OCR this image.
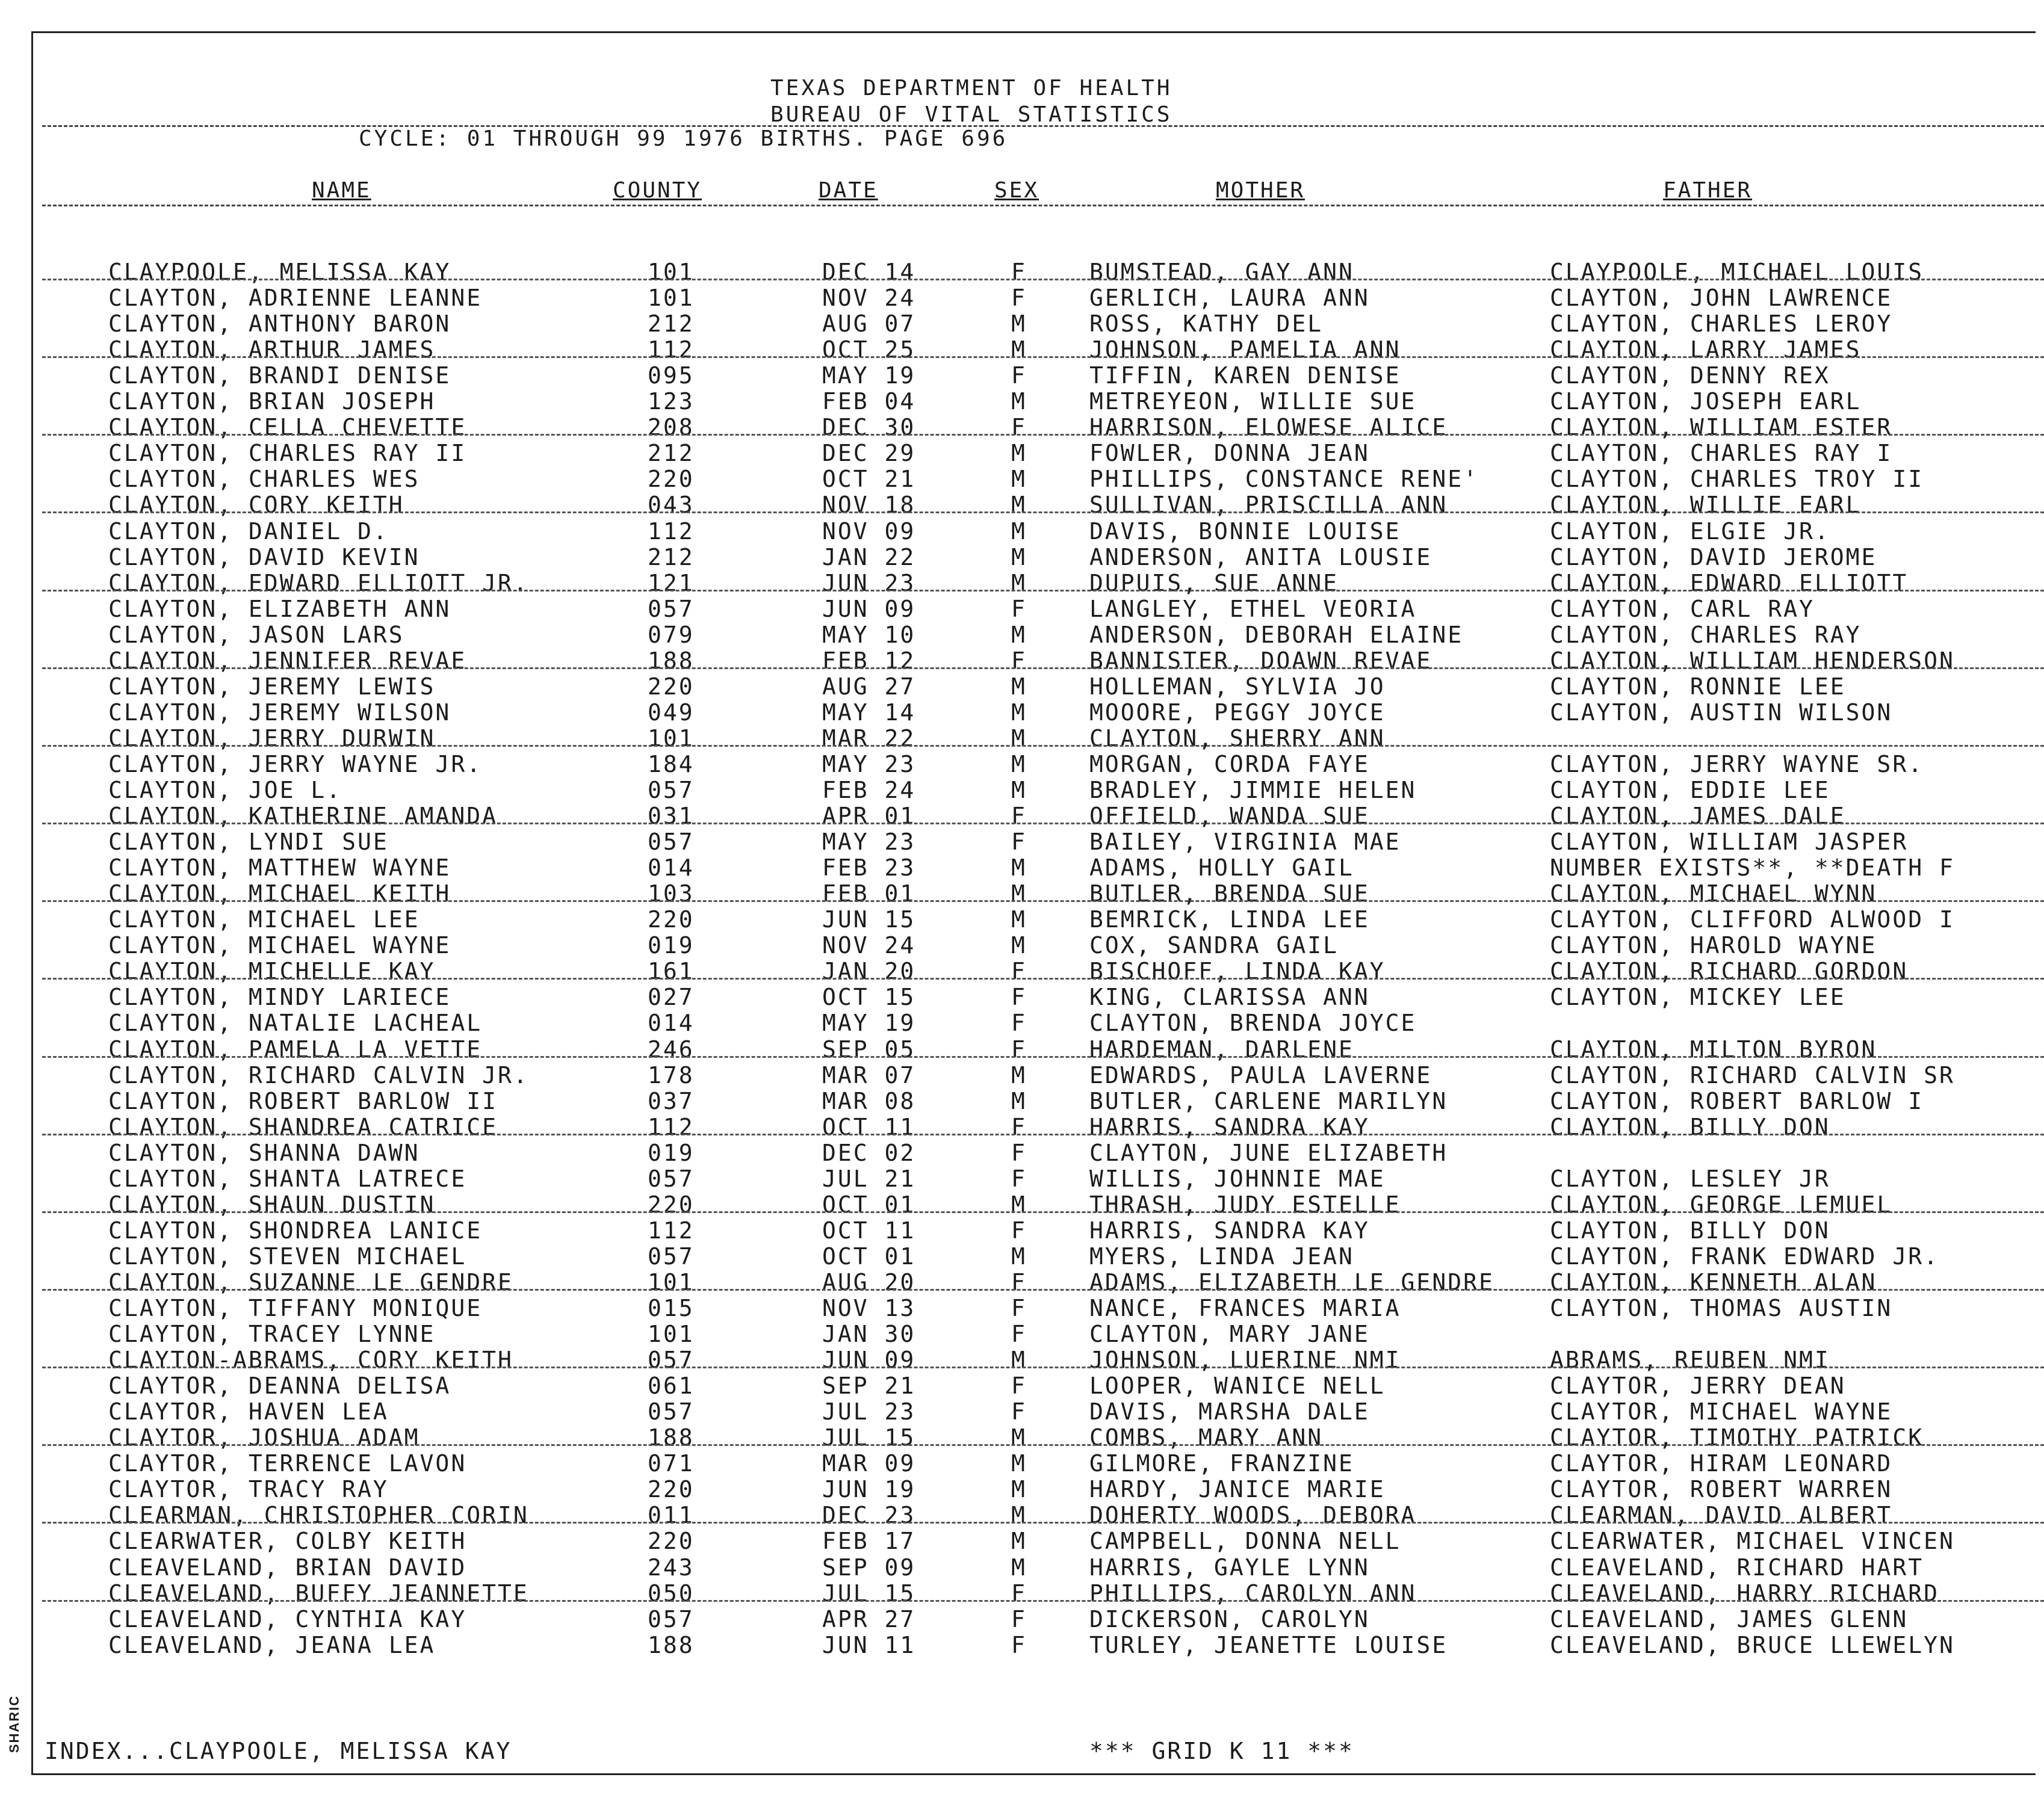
SHARIC
TEXAS DEPARTMENT OF HEALTH
BUREAU OF VITAL STATISTICS
CYCLE: 01 THROUGH 99 1976 BIRTHS. PAGE 696
NAME	COUNTY	DATE	SEX	MOTHER	FATHER
CLAYPOOLE, MELISSA KAY	101	DEC 14	F	BUMSTEAD, GAY ANN	CLAYPOOLE, MICHAEL LOUIS
CLAYTON, ADRIENNE LEANNE	101	NOV 24	F	GERLICH, LAURA ANN	CLAYTON, JOHN LAWRENCE
CLAYTON, ANTHONY BARON	212	AUG 07	M	ROSS, KATHY DEL	CLAYTON, CHARLES LEROY
CLAYTON, ARTHUR JAMES	112	OCT 25	M	JOHNSON, PAMELIA ANN	CLAYTON, LARRY JAMES
CLAYTON, BRANDI DENISE	095	MAY 19	F	TIFFIN, KAREN DENISE	CLAYTON, DENNY REX
CLAYTON, BRIAN JOSEPH	123	FEB 04	M	METREYEON, WILLIE SUE	CLAYTON, JOSEPH EARL
CLAYTON, CELLA CHEVETTE	208	DEC 30	F	HARRISON, ELOWESE ALICE	CLAYTON, WILLIAM ESTER
CLAYTON, CHARLES RAY II	212	DEC 29	M	FOWLER, DONNA JEAN	CLAYTON, CHARLES RAY I
CLAYTON, CHARLES WES	220	OCT 21	M	PHILLIPS, CONSTANCE RENE'	CLAYTON, CHARLES TROY II
CLAYTON, CORY KEITH	043	NOV 18	M	SULLIVAN, PRISCILLA ANN	CLAYTON, WILLIE EARL
CLAYTON, DANIEL D.	112	NOV 09	M	DAVIS, BONNIE LOUISE	CLAYTON, ELGIE JR.
CLAYTON, DAVID KEVIN	212	JAN 22	M	ANDERSON, ANITA LOUSIE	CLAYTON, DAVID JEROME
CLAYTON, EDWARD ELLIOTT JR.	121	JUN 23	M	DUPUIS, SUE ANNE	CLAYTON, EDWARD ELLIOTT
CLAYTON, ELIZABETH ANN	057	JUN 09	F	LANGLEY, ETHEL VEORIA	CLAYTON, CARL RAY
CLAYTON, JASON LARS	079	MAY 10	M	ANDERSON, DEBORAH ELAINE	CLAYTON, CHARLES RAY
CLAYTON, JENNIFER REVAE	188	FEB 12	F	BANNISTER, DOAWN REVAE	CLAYTON, WILLIAM HENDERSON
CLAYTON, JEREMY LEWIS	220	AUG 27	M	HOLLEMAN, SYLVIA JO	CLAYTON, RONNIE LEE
CLAYTON, JEREMY WILSON	049	MAY 14	M	MOOORE, PEGGY JOYCE	CLAYTON, AUSTIN WILSON
CLAYTON, JERRY DURWIN	101	MAR 22	M	CLAYTON, SHERRY ANN
CLAYTON, JERRY WAYNE JR.	184	MAY 23	M	MORGAN, CORDA FAYE	CLAYTON, JERRY WAYNE SR.
CLAYTON, JOE L.	057	FEB 24	M	BRADLEY, JIMMIE HELEN	CLAYTON, EDDIE LEE
CLAYTON, KATHERINE AMANDA	031	APR 01	F	OFFIELD, WANDA SUE	CLAYTON, JAMES DALE
CLAYTON, LYNDI SUE	057	MAY 23	F	BAILEY, VIRGINIA MAE	CLAYTON, WILLIAM JASPER
CLAYTON, MATTHEW WAYNE	014	FEB 23	M	ADAMS, HOLLY GAIL	NUMBER EXISTS**, **DEATH F
CLAYTON, MICHAEL KEITH	103	FEB 01	M	BUTLER, BRENDA SUE	CLAYTON, MICHAEL WYNN
CLAYTON, MICHAEL LEE	220	JUN 15	M	BEMRICK, LINDA LEE	CLAYTON, CLIFFORD ALWOOD I
CLAYTON, MICHAEL WAYNE	019	NOV 24	M	COX, SANDRA GAIL	CLAYTON, HAROLD WAYNE
CLAYTON, MICHELLE KAY	161	JAN 20	F	BISCHOFF, LINDA KAY	CLAYTON, RICHARD GORDON
CLAYTON, MINDY LARIECE	027	OCT 15	F	KING, CLARISSA ANN	CLAYTON, MICKEY LEE
CLAYTON, NATALIE LACHEAL	014	MAY 19	F	CLAYTON, BRENDA JOYCE
CLAYTON, PAMELA LA VETTE	246	SEP 05	F	HARDEMAN, DARLENE	CLAYTON, MILTON BYRON
CLAYTON, RICHARD CALVIN JR.	178	MAR 07	M	EDWARDS, PAULA LAVERNE	CLAYTON, RICHARD CALVIN SR
CLAYTON, ROBERT BARLOW II	037	MAR 08	M	BUTLER, CARLENE MARILYN	CLAYTON, ROBERT BARLOW I
CLAYTON, SHANDREA CATRICE	112	OCT 11	F	HARRIS, SANDRA KAY	CLAYTON, BILLY DON
CLAYTON, SHANNA DAWN	019	DEC 02	F	CLAYTON, JUNE ELIZABETH
CLAYTON, SHANTA LATRECE	057	JUL 21	F	WILLIS, JOHNNIE MAE	CLAYTON, LESLEY JR
CLAYTON, SHAUN DUSTIN	220	OCT 01	M	THRASH, JUDY ESTELLE	CLAYTON, GEORGE LEMUEL
CLAYTON, SHONDREA LANICE	112	OCT 11	F	HARRIS, SANDRA KAY	CLAYTON, BILLY DON
CLAYTON, STEVEN MICHAEL	057	OCT 01	M	MYERS, LINDA JEAN	CLAYTON, FRANK EDWARD JR.
CLAYTON, SUZANNE LE GENDRE	101	AUG 20	F	ADAMS, ELIZABETH LE GENDRE CLAYTON, KENNETH ALAN
CLAYTON, TIFFANY MONIQUE	015	NOV 13	F	NANCE, FRANCES MARIA	CLAYTON, THOMAS AUSTIN
CLAYTON, TRACEY LYNNE	101	JAN 30	F	CLAYTON, MARY JANE
CLAYTON-ABRAMS, CORY KEITH	057	JUN 09	M	JOHNSON, LUERINE NMI	ABRAMS, REUBEN NMI
CLAYTOR, DEANNA DELISA	061	SEP 21	F	LOOPER, WANICE NELL	CLAYTOR, JERRY DEAN
CLAYTOR, HAVEN LEA	057	JUL 23	F	DAVIS, MARSHA DALE	CLAYTOR, MICHAEL WAYNE
CLAYTOR, JOSHUA ADAM	188	JUL 15	M	COMBS, MARY ANN	CLAYTOR, TIMOTHY PATRICK
CLAYTOR, TERRENCE LAVON	071	MAR 09	M	GILMORE, FRANZINE	CLAYTOR, HIRAM LEONARD
CLAYTOR, TRACY RAY	220	JUN 19	M	HARDY, JANICE MARIE	CLAYTOR, ROBERT WARREN
CLEARMAN, CHRISTOPHER CORIN	011	DEC 23	M	DOHERTY WOODS, DEBORA	CLEARMAN, DAVID ALBERT
CLEARWATER, COLBY KEITH	220	FEB 17	M	CAMPBELL, DONNA NELL	CLEARWATER, MICHAEL VINCEN
CLEAVELAND, BRIAN DAVID	243	SEP 09	M	HARRIS, GAYLE LYNN	CLEAVELAND, RICHARD HART
CLEAVELAND, BUFFY JEANNETTE	050	JUL 15	F	PHILLIPS, CAROLYN ANN	CLEAVELAND, HARRY RICHARD
CLEAVELAND, CYNTHIA KAY	057	APR 27	F	DICKERSON, CAROLYN	CLEAVELAND, JAMES GLENN
CLEAVELAND, JEANA LEA	188	JUN 11	F	TURLEY, JEANETTE LOUISE	CLEAVELAND, BRUCE LLEWELYN
INDEX...CLAYPOOLE, MELISSA KAY	*** GRID K 11 ***
